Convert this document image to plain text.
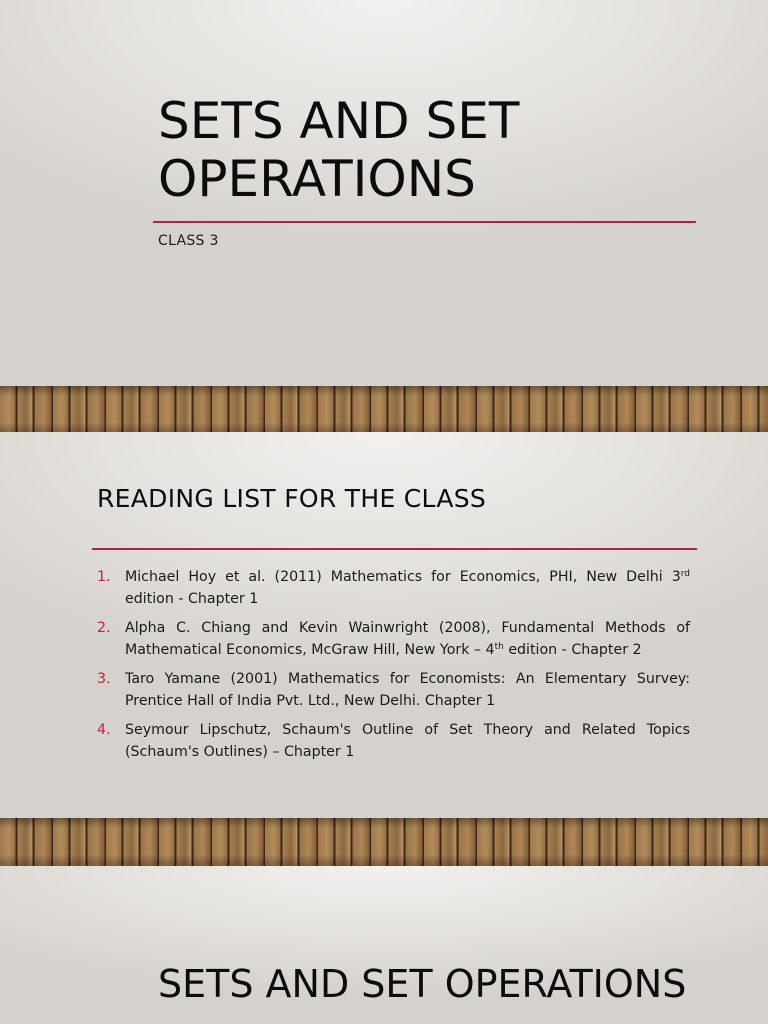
SETS AND SET OPERATIONS
CLASS 3
READING LIST FOR THE CLASS
1. Michael Hoy et al. (2011) Mathematics for Economics, PHI, New Delhi 3rd edition - Chapter 1
2. Alpha C. Chiang and Kevin Wainwright (2008), Fundamental Methods of Mathematical Economics, McGraw Hill, New York – 4th edition - Chapter 2
3. Taro Yamane (2001) Mathematics for Economists: An Elementary Survey: Prentice Hall of India Pvt. Ltd., New Delhi. Chapter 1
4. Seymour Lipschutz, Schaum's Outline of Set Theory and Related Topics (Schaum's Outlines) – Chapter 1
SETS AND SET OPERATIONS
